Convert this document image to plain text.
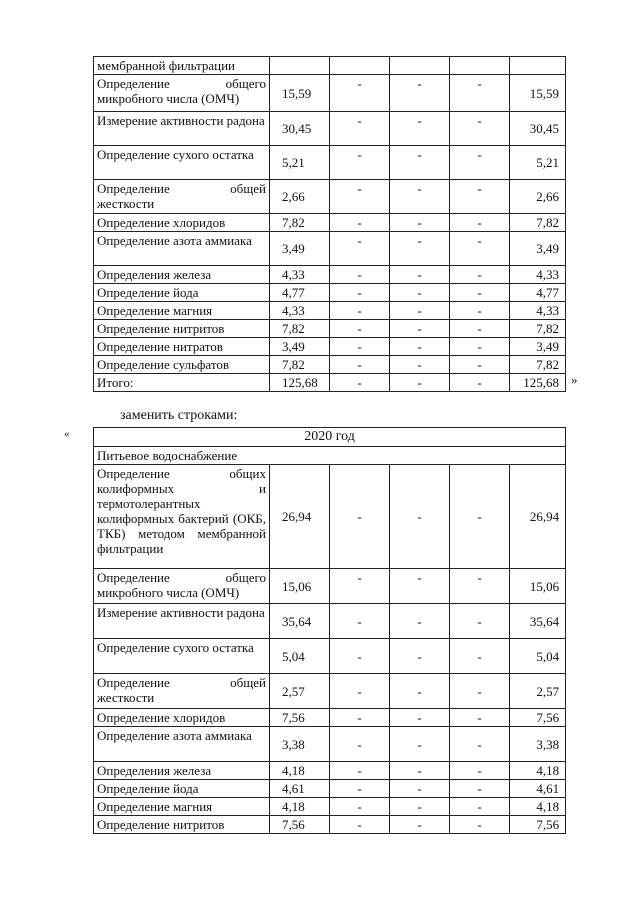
мембранной фильтрации					
Определение общего микробного числа (ОМЧ)	15,59	-	-	-	15,59
Измерение активности радона	30,45	-	-	-	30,45
Определение сухого остатка	5,21	-	-	-	5,21
Определение общей жесткости	2,66	-	-	-	2,66
Определение хлоридов	7,82	-	-	-	7,82
Определение азота аммиака	3,49	-	-	-	3,49
Определения железа	4,33	-	-	-	4,33
Определение йода	4,77	-	-	-	4,77
Определение магния	4,33	-	-	-	4,33
Определение нитритов	7,82	-	-	-	7,82
Определение нитратов	3,49	-	-	-	3,49
Определение сульфатов	7,82	-	-	-	7,82
Итого:	125,68	-	-	-	125,68 »
заменить строками:
«	2020 год					
Питьевое водоснабжение					
Определение общих колиформных и термотолерантных колиформных бактерий (ОКБ, ТКБ) методом мембранной фильтрации	26,94	-	-	-	26,94
Определение общего микробного числа (ОМЧ)	15,06	-	-	-	15,06
Измерение активности радона	35,64	-	-	-	35,64
Определение сухого остатка	5,04	-	-	-	5,04
Определение общей жесткости	2,57	-	-	-	2,57
Определение хлоридов	7,56	-	-	-	7,56
Определение азота аммиака	3,38	-	-	-	3,38
Определения железа	4,18	-	-	-	4,18
Определение йода	4,61	-	-	-	4,61
Определение магния	4,18	-	-	-	4,18
Определение нитритов	7,56	-	-	-	7,56
